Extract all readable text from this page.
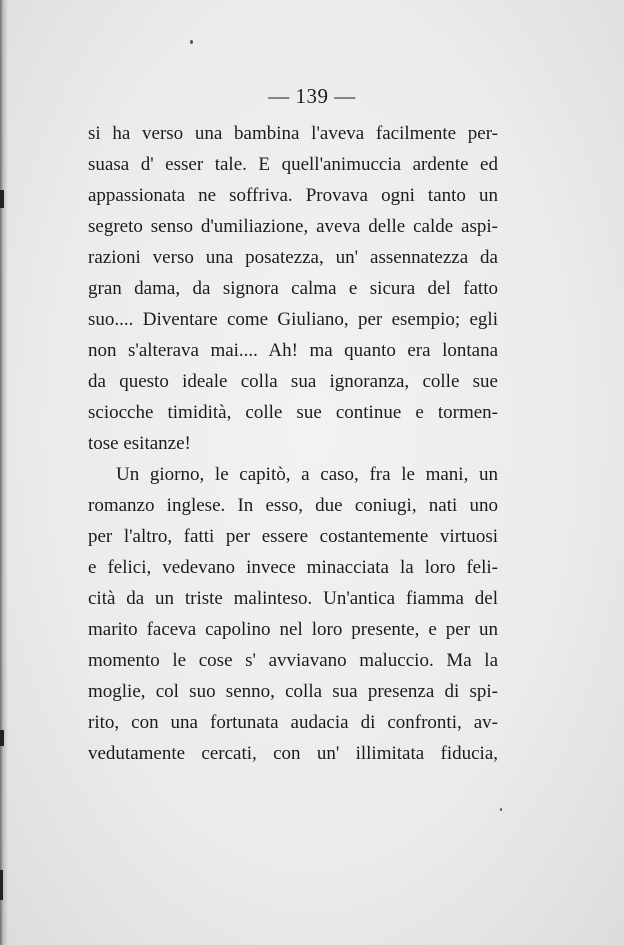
— 139 —
si ha verso una bambina l'aveva facilmente per-
suasa d' esser tale. E quell'animuccia ardente ed
appassionata ne soffriva. Provava ogni tanto un
segreto senso d'umiliazione, aveva delle calde aspi-
razioni verso una posatezza, un' assennatezza da
gran dama, da signora calma e sicura del fatto
suo.... Diventare come Giuliano, per esempio; egli
non s'alterava mai.... Ah! ma quanto era lontana
da questo ideale colla sua ignoranza, colle sue
sciocche timidità, colle sue continue e tormen-
tose esitanze!
Un giorno, le capitò, a caso, fra le mani, un
romanzo inglese. In esso, due coniugi, nati uno
per l'altro, fatti per essere costantemente virtuosi
e felici, vedevano invece minacciata la loro feli-
cità da un triste malinteso. Un'antica fiamma del
marito faceva capolino nel loro presente, e per un
momento le cose s' avviavano maluccio. Ma la
moglie, col suo senno, colla sua presenza di spi-
rito, con una fortunata audacia di confronti, av-
vedutamente cercati, con un' illimitata fiducia,
